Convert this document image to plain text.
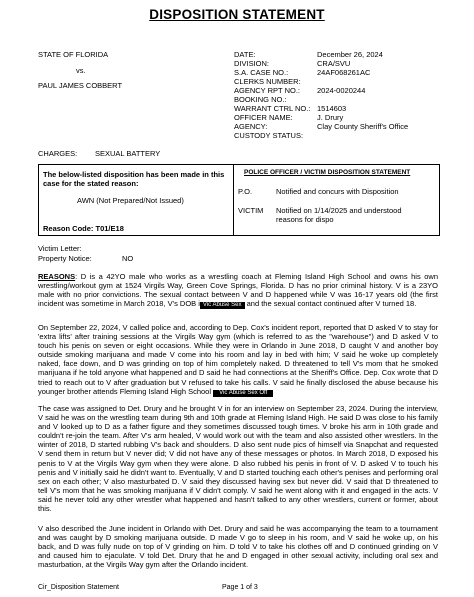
DISPOSITION STATEMENT
STATE OF FLORIDA
vs.
PAUL JAMES COBBERT
DATE:	December 26, 2024
DIVISION:	CRA/SVU
S.A. CASE NO.:	24AF068261AC
CLERKS NUMBER:
AGENCY RPT NO.:	2024-0020244
BOOKING NO.:
WARRANT CTRL NO.: 1514603
OFFICER NAME:	J. Drury
AGENCY:	Clay County Sheriff's Office
CUSTODY STATUS:
CHARGES: SEXUAL BATTERY
The below-listed disposition has been made in this
case for the stated reason:
AWN (Not Prepared/Not Issued)
Reason Code: T01/E18
POLICE OFFICER / VICTIM DISPOSITION STATEMENT
P.O.	Notified and concurs with Disposition
VICTIM Notified on 1/14/2025 and understood
reasons for dispo
Victim Letter:
Property Notice:	NO
REASONS: D is a 42YO male who works as a wrestling coach at Fleming Island High School and owns his own wrestling/workout gym at 1524 Virgils Way, Green Cove Springs, Florida. D has no prior criminal history. V is a 23YO male with no prior convictions. The sexual contact between V and D happened while V was 16-17 years old (the first incident was sometime in March 2018, V's DOB i Vic Abuse Sex and the sexual contact continued after V turned 18.
On September 22, 2024, V called police and, according to Dep. Cox's incident report, reported that D asked V to stay for 'extra lifts' after training sessions at the Virgils Way gym (which is referred to as the "warehouse") and D asked V to touch his penis on seven or eight occasions. While they were in Orlando in June 2018, D caught V and another boy outside smoking marijuana and made V come into his room and lay in bed with him; V said he woke up completely naked, face down, and D was grinding on top of him completely naked. D threatened to tell V's mom that he smoked marijuana if he told anyone what happened and D said he had connections at the Sheriff's Office. Dep. Cox wrote that D tried to reach out to V after graduation but V refused to take his calls. V said he finally disclosed the abuse because his younger brother attends Fleming Island High School Vic Abuse Sex Off
The case was assigned to Det. Drury and he brought V in for an interview on September 23, 2024. During the interview, V said he was on the wrestling team during 9th and 10th grade at Fleming Island High. He said D was close to his family and V looked up to D as a father figure and they sometimes discussed tough times. V broke his arm in 10th grade and couldn't re-join the team. After V's arm healed, V would work out with the team and also assisted other wrestlers. In the winter of 2018, D started rubbing V's back and shoulders. D also sent nude pics of himself via Snapchat and requested V send them in return but V never did; V did not have any of these messages or photos. In March 2018, D exposed his penis to V at the Virgils Way gym when they were alone. D also rubbed his penis in front of V. D asked V to touch his penis and V initially said he didn't want to. Eventually, V and D started touching each other's penises and performing oral sex on each other; V also masturbated D. V said they discussed having sex but never did. V said that D threatened to tell V's mom that he was smoking marijuana if V didn't comply. V said he went along with it and engaged in the acts. V said he never told any other wrestler what happened and hasn't talked to any other wrestlers, current or former, about this.
V also described the June incident in Orlando with Det. Drury and said he was accompanying the team to a tournament and was caught by D smoking marijuana outside. D made V go to sleep in his room, and V said he woke up, on his back, and D was fully nude on top of V grinding on him. D told V to take his clothes off and D continued grinding on V and caused him to ejaculate. V told Det. Drury that he and D engaged in other sexual activity, including oral sex and masturbation, at the Virgils Way gym after the Orlando incident.
Cir_Disposition Statement	Page 1 of 3
